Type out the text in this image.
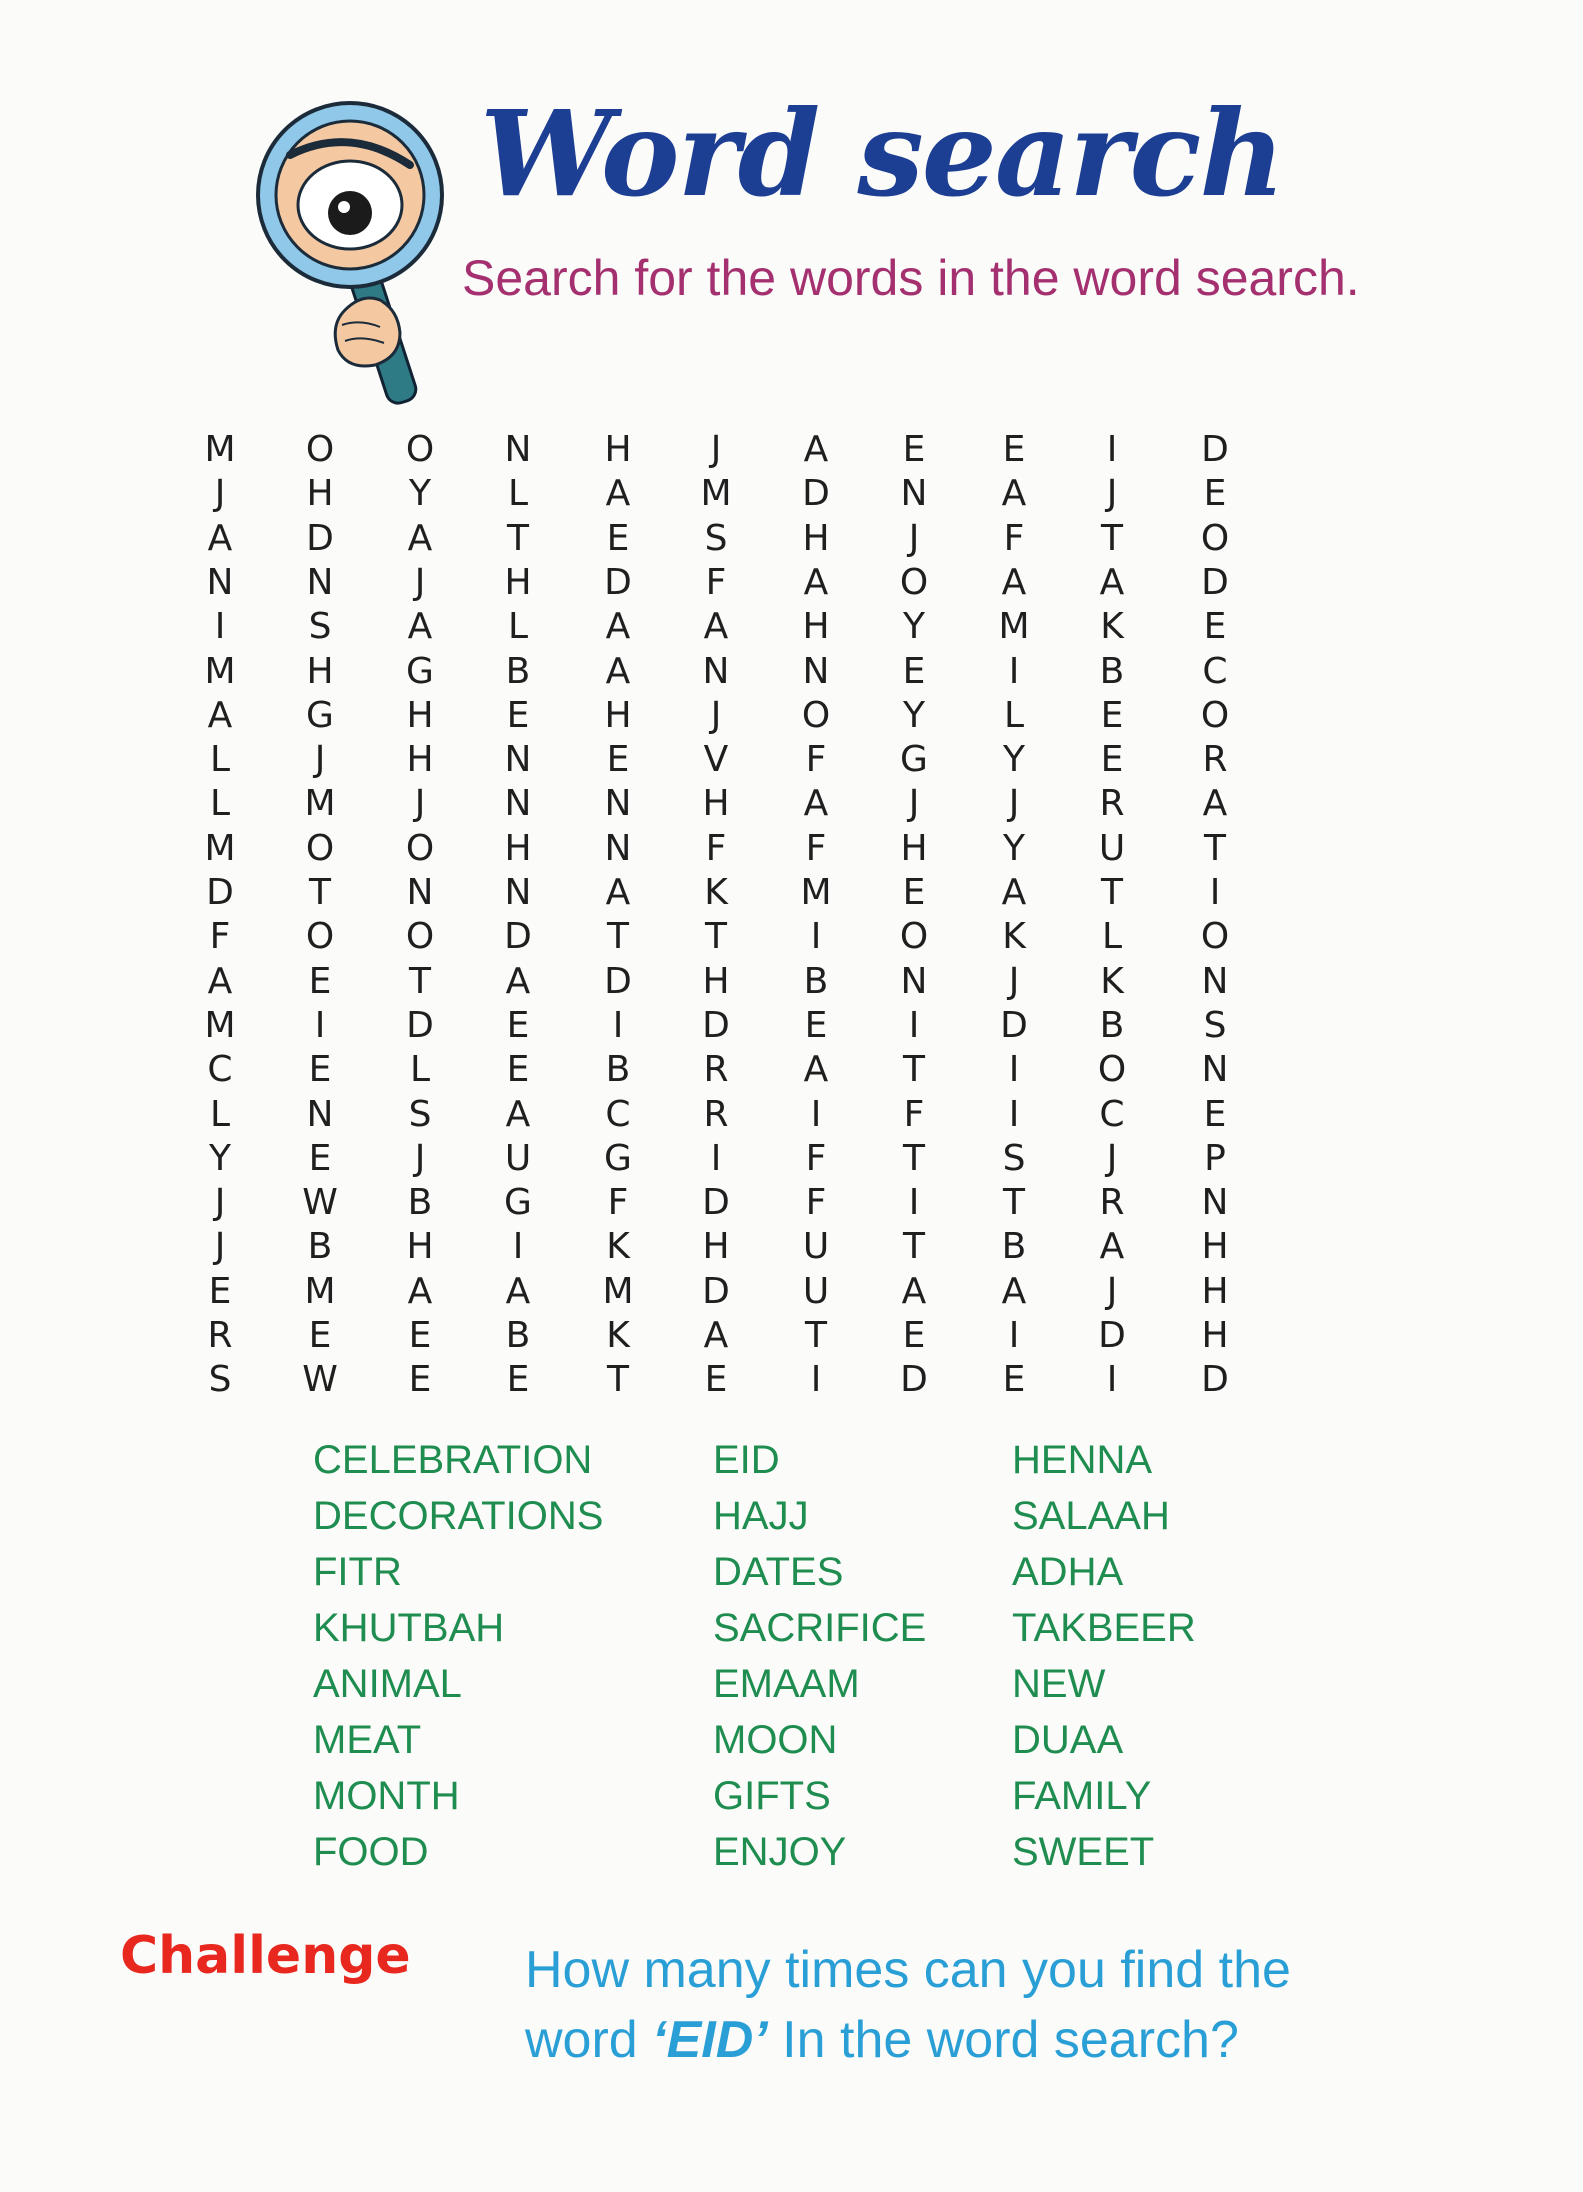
Word search
Search for the words in the word search.
M	O	O	N	H	J	A	E	E	I	D
J	H	Y	L	A	M	D	N	A	J	E
A	D	A	T	E	S	H	J	F	T	O
N	N	J	H	D	F	A	O	A	A	D
I	S	A	L	A	A	H	Y	M	K	E
M	H	G	B	A	N	N	E	I	B	C
A	G	H	E	H	J	O	Y	L	E	O
L	J	H	N	E	V	F	G	Y	E	R
L	M	J	N	N	H	A	J	J	R	A
M	O	O	H	N	F	F	H	Y	U	T
D	T	N	N	A	K	M	E	A	T	I
F	O	O	D	T	T	I	O	K	L	O
A	E	T	A	D	H	B	N	J	K	N
M	I	D	E	I	D	E	I	D	B	S
C	E	L	E	B	R	A	T	I	O	N
L	N	S	A	C	R	I	F	I	C	E
Y	E	J	U	G	I	F	T	S	J	P
J	W	B	G	F	D	F	I	T	R	N
J	B	H	I	K	H	U	T	B	A	H
E	M	A	A	M	D	U	A	A	J	H
R	E	E	B	K	A	T	E	I	D	H
S	W	E	E	T	E	I	D	E	I	D
CELEBRATION
DECORATIONS
FITR
KHUTBAH
ANIMAL
MEAT
MONTH
FOOD
EID
HAJJ
DATES
SACRIFICE
EMAAM
MOON
GIFTS
ENJOY
HENNA
SALAAH
ADHA
TAKBEER
NEW
DUAA
FAMILY
SWEET
Challenge How many times can you find the
word ‘EID’ In the word search?
